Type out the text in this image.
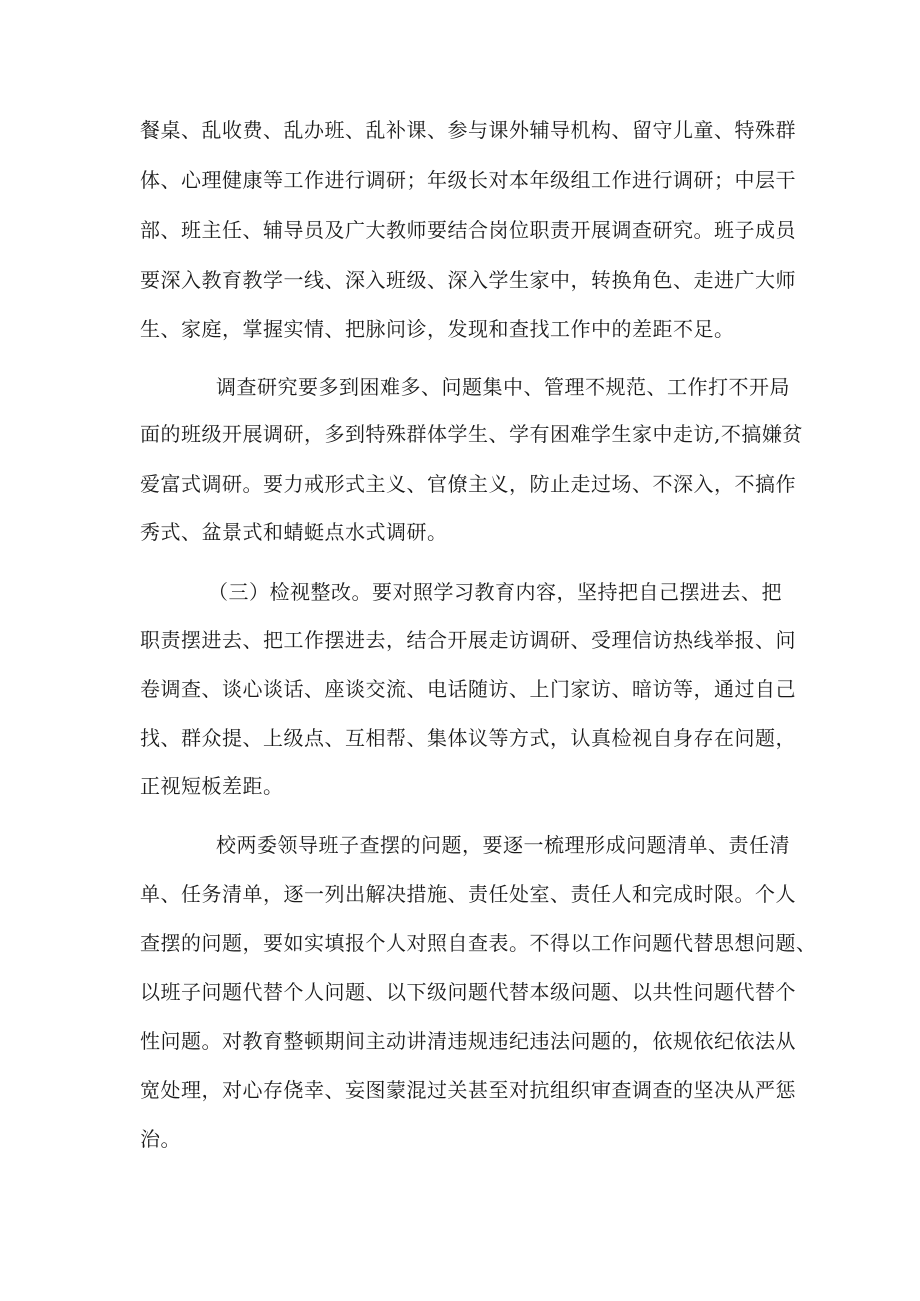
餐桌、乱收费、乱办班、乱补课、参与课外辅导机构、留守儿童、特殊群
体、心理健康等工作进行调研；年级长对本年级组工作进行调研；中层干
部、班主任、辅导员及广大教师要结合岗位职责开展调查研究。班子成员
要深入教育教学一线、深入班级、深入学生家中，转换角色、走进广大师
生、家庭，掌握实情、把脉问诊，发现和查找工作中的差距不足。
调查研究要多到困难多、问题集中、管理不规范、工作打不开局
面的班级开展调研，多到特殊群体学生、学有困难学生家中走访,不搞嫌贫
爱富式调研。要力戒形式主义、官僚主义，防止走过场、不深入，不搞作
秀式、盆景式和蜻蜓点水式调研。
（三）检视整改。要对照学习教育内容，坚持把自己摆进去、把
职责摆进去、把工作摆进去，结合开展走访调研、受理信访热线举报、问
卷调查、谈心谈话、座谈交流、电话随访、上门家访、暗访等，通过自己
找、群众提、上级点、互相帮、集体议等方式，认真检视自身存在问题，
正视短板差距。
校两委领导班子查摆的问题，要逐一梳理形成问题清单、责任清
单、任务清单，逐一列出解决措施、责任处室、责任人和完成时限。个人
查摆的问题，要如实填报个人对照自查表。不得以工作问题代替思想问题、
以班子问题代替个人问题、以下级问题代替本级问题、以共性问题代替个
性问题。对教育整顿期间主动讲清违规违纪违法问题的，依规依纪依法从
宽处理，对心存侥幸、妄图蒙混过关甚至对抗组织审查调查的坚决从严惩
治。
